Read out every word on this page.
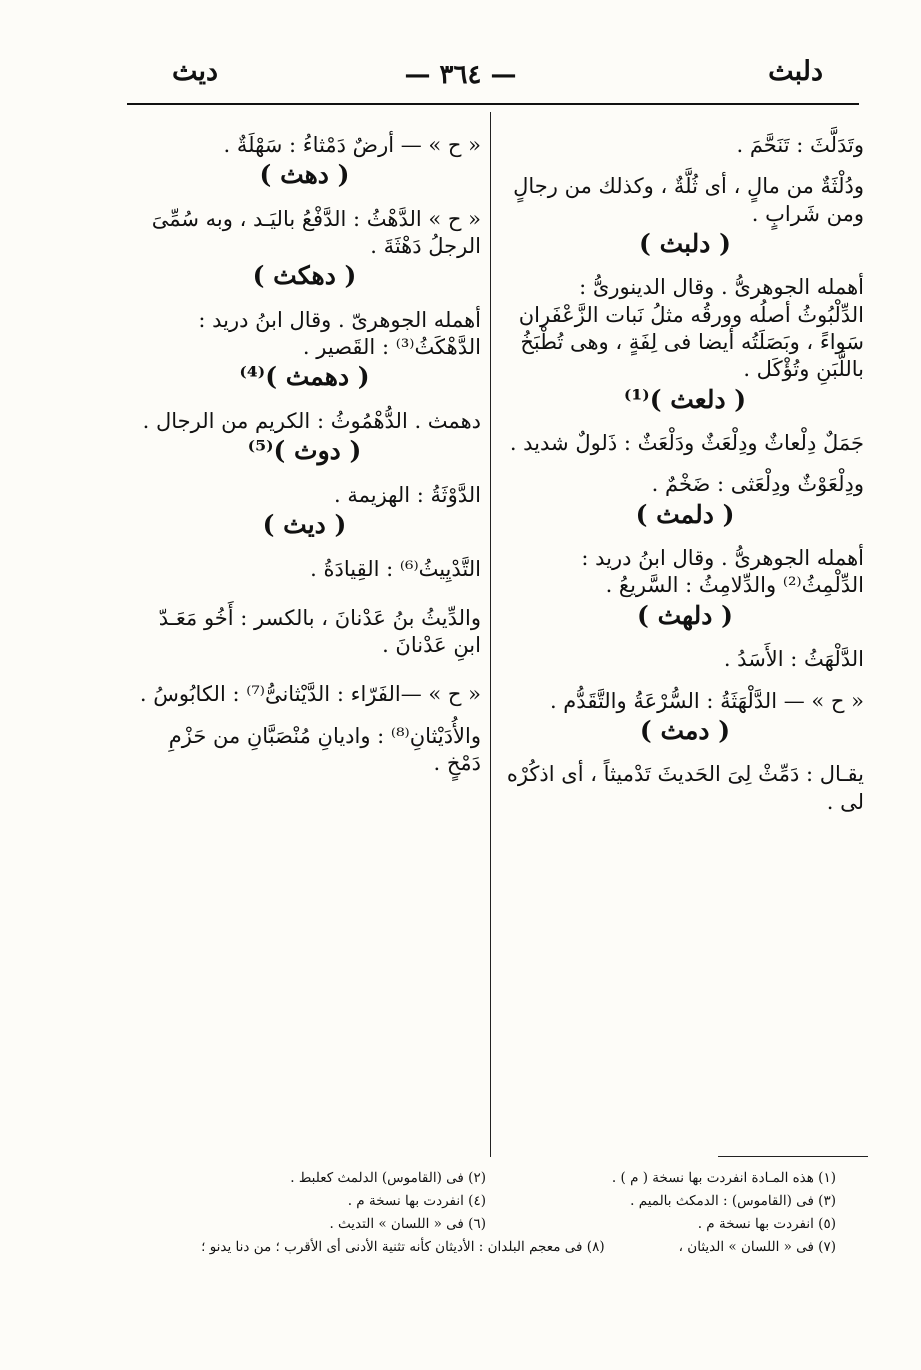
دلبث
— ٣٦٤ —
ديث

وتَدَلَّثَ : تَنَحَّمَ .

ودُلْثَةٌ من مالٍ ، أى ثُلَّةٌ ، وكذلك من رجالٍ ومن شَرابٍ .

( دلبث )

أهمله الجوهرىُّ . وقال الدينورىُّ : الدِّلْبُوثُ أصلُه وورقُه مثلُ نَبات الزَّعْفَران سَواءً ، وبَصَلَتُه أيضا فى لِفَةٍ ، وهى تُطْبَخُ باللَّبَنِ وتُؤْكَل .

( دلعث )⁽¹⁾

جَمَلٌ دِلْعاثٌ ودِلْعَثٌ ودَلْعَثٌ : ذَلولٌ شديد .

ودِلْعَوْثٌ ودِلْعَثى : ضَخْمٌ .

( دلمث )

أهمله الجوهرىُّ . وقال ابنُ دريد : الدِّلْمِثُ⁽²⁾ والدِّلامِثُ : السَّريعُ .

( دلهث )

الدَّلْهَثُ : الأَسَدُ .

« ح » — الدَّلْهَثَةُ : السُّرْعَةُ والتَّقَدُّم .

( دمث )

يقـال : دَمِّثْ لِىَ الحَديثَ تَدْميثاً ، أى اذكُرْه لى .

« ح » — أرضٌ دَمْثاءُ : سَهْلَةٌ .

( دهث )

« ح » الدَّهْثُ : الدَّفْعُ باليَـد ، وبه سُمِّىَ الرجلُ دَهْثَةَ .

( دهكث )

أهمله الجوهرىّ . وقال ابنُ دريد : الدَّهْكَثُ⁽³⁾ : القَصير .

( دهمث )⁽⁴⁾

دهمث . الدُّهْمُوثُ : الكريم من الرجال .

( دوث )⁽⁵⁾

الدَّوْثَةُ : الهزيمة .

( ديث )

التَّدْيِيثُ⁽⁶⁾ : القِيادَةُ .

والدِّيثُ بنُ عَدْنانَ ، بالكسر : أَخُو مَعَـدّ ابنِ عَدْنانَ .

« ح » —الفَرّاء : الدَّيْثانىُّ⁽⁷⁾ : الكابُوسُ .

والأُدَيْثانِ⁽⁸⁾ : واديانِ مُنْصَبَّانِ من حَزْمِ دَمْخٍ .

(١) هذه المـادة انفردت بها نسخة ( م ) .
(٢) فى (القاموس) الدلمث كعلبط .
(٣) فى (القاموس) : الدمكث بالميم .
(٤) انفردت بها نسخة م .
(٥) انفردت بها نسخة م .
(٦) فى « اللسان » التديث .
(٧) فى « اللسان » الديثان ،
(٨) فى معجم البلدان : الأديثان كأنه تثنية الأدنى أى الأقرب ؛ من دنا يدنو ؛
